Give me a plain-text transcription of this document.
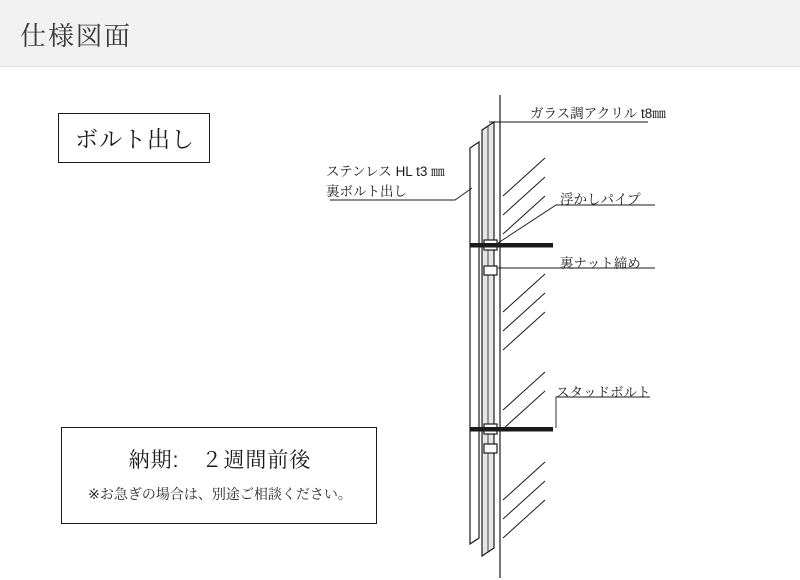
仕様図面
ボルト出し
納期:　２週間前後
※お急ぎの場合は、別途ご相談ください。
ガラス調アクリル t8㎜
ステンレス HL t3 ㎜
裏ボルト出し
浮かしパイプ
裏ナット締め
スタッドボルト
